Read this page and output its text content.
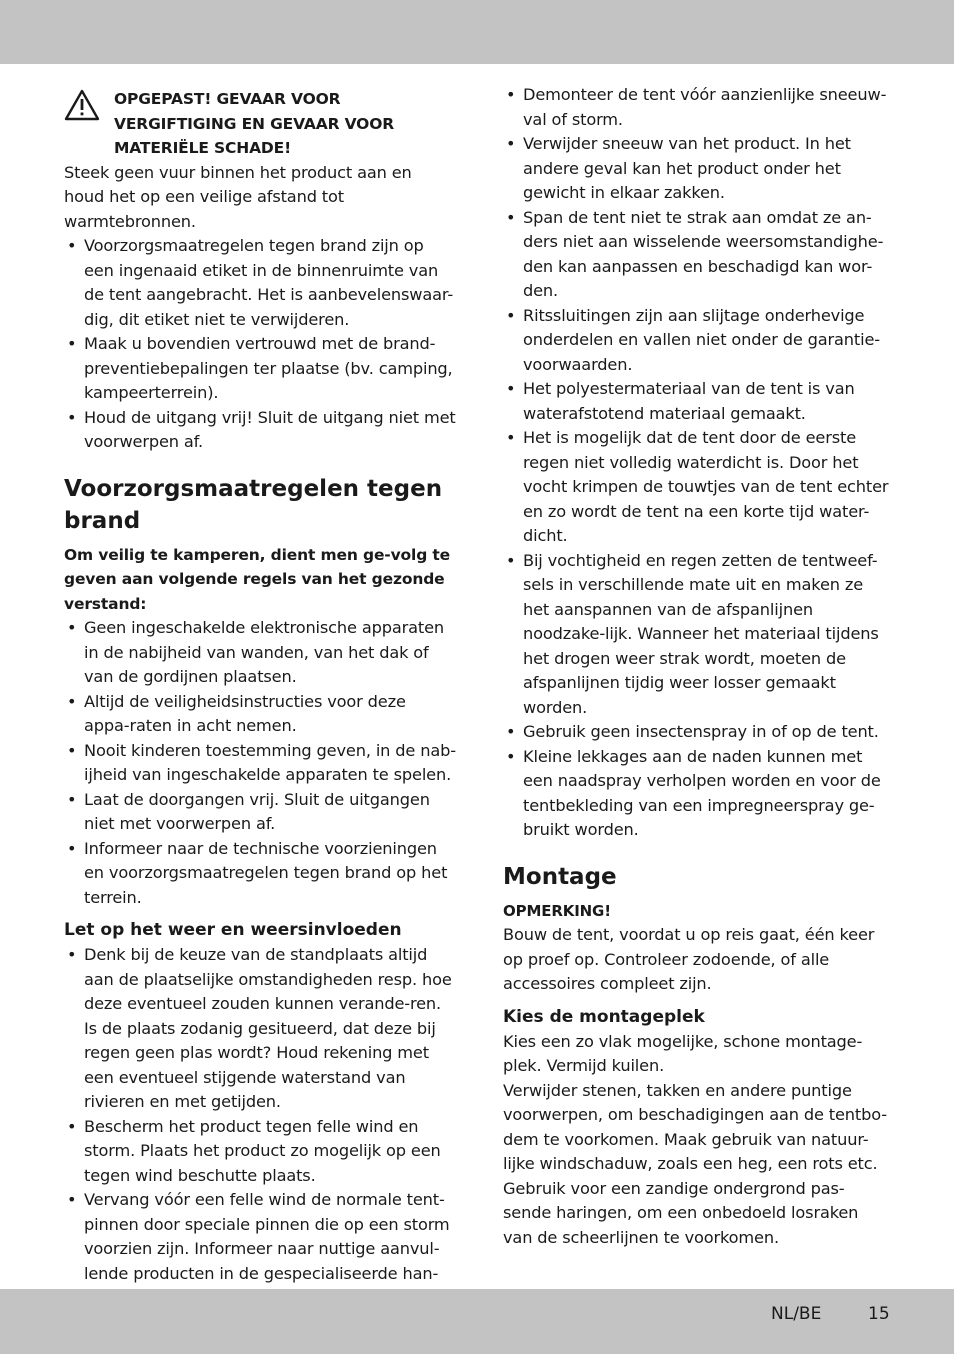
OPGEPAST! GEVAAR VOOR VERGIFTIGING EN GEVAAR VOOR MATERIËLE SCHADE!

Steek geen vuur binnen het product aan en houd het op een veilige afstand tot warmtebronnen.

• Voorzorgsmaatregelen tegen brand zijn op een ingenaaid etiket in de binnenruimte van de tent aangebracht. Het is aanbevelenswaar-dig, dit etiket niet te verwijderen.
• Maak u bovendien vertrouwd met de brand-preventiebepalingen ter plaatse (bv. camping, kampeerterrein).
• Houd de uitgang vrij! Sluit de uitgang niet met voorwerpen af.
Voorzorgsmaatregelen tegen brand

Om veilig te kamperen, dient men ge-volg te geven aan volgende regels van het gezonde verstand:

• Geen ingeschakelde elektronische apparaten in de nabijheid van wanden, van het dak of van de gordijnen plaatsen.
• Altijd de veiligheidsinstructies voor deze appa-raten in acht nemen.
• Nooit kinderen toestemming geven, in de nab-ijheid van ingeschakelde apparaten te spelen.
• Laat de doorgangen vrij. Sluit de uitgangen niet met voorwerpen af.
• Informeer naar de technische voorzieningen en voorzorgsmaatregelen tegen brand op het terrein.
Let op het weer en weersinvloeden
• Denk bij de keuze van de standplaats altijd aan de plaatselijke omstandigheden resp. hoe deze eventueel zouden kunnen verande-ren. Is de plaats zodanig gesitueerd, dat deze bij regen geen plas wordt? Houd rekening met een eventueel stijgende waterstand van rivieren en met getijden.
• Bescherm het product tegen felle wind en storm. Plaats het product zo mogelijk op een tegen wind beschutte plaats.
• Vervang vóór een felle wind de normale tent-pinnen door speciale pinnen die op een storm voorzien zijn. Informeer naar nuttige aanvul-lende producten in de gespecialiseerde han-
• Demonteer de tent vóór aanzienlijke sneeuw-val of storm.
• Verwijder sneeuw van het product. In het andere geval kan het product onder het gewicht in elkaar zakken.
• Span de tent niet te strak aan omdat ze an-ders niet aan wisselende weersomstandighe-den kan aanpassen en beschadigd kan wor-den.
• Ritssluitingen zijn aan slijtage onderhevige onderdelen en vallen niet onder de garantie-voorwaarden.
• Het polyestermateriaal van de tent is van waterafstotend materiaal gemaakt.
• Het is mogelijk dat de tent door de eerste regen niet volledig waterdicht is. Door het vocht krimpen de touwtjes van de tent echter en zo wordt de tent na een korte tijd water-dicht.
• Bij vochtigheid en regen zetten de tentweef-sels in verschillende mate uit en maken ze het aanspannen van de afspanlijnen noodzake-lijk. Wanneer het materiaal tijdens het drogen weer strak wordt, moeten de afspanlijnen tijdig weer losser gemaakt worden.
• Gebruik geen insectenspray in of op de tent.
• Kleine lekkages aan de naden kunnen met een naadspray verholpen worden en voor de tentbekleding van een impregneerspray ge-bruikt worden.
Montage

OPMERKING!

Bouw de tent, voordat u op reis gaat, één keer op proef op. Controleer zodoende, of alle accessoires compleet zijn.

Kies de montageplek

Kies een zo vlak mogelijke, schone montage-plek. Vermijd kuilen.

Verwijder stenen, takken en andere puntige voorwerpen, om beschadigingen aan de tentbo-dem te voorkomen. Maak gebruik van natuur-lijke windschaduw, zoals een heg, een rots etc. Gebruik voor een zandige ondergrond pas-sende haringen, om een onbedoeld losraken van de scheerlijnen te voorkomen.

NL/BE	15
